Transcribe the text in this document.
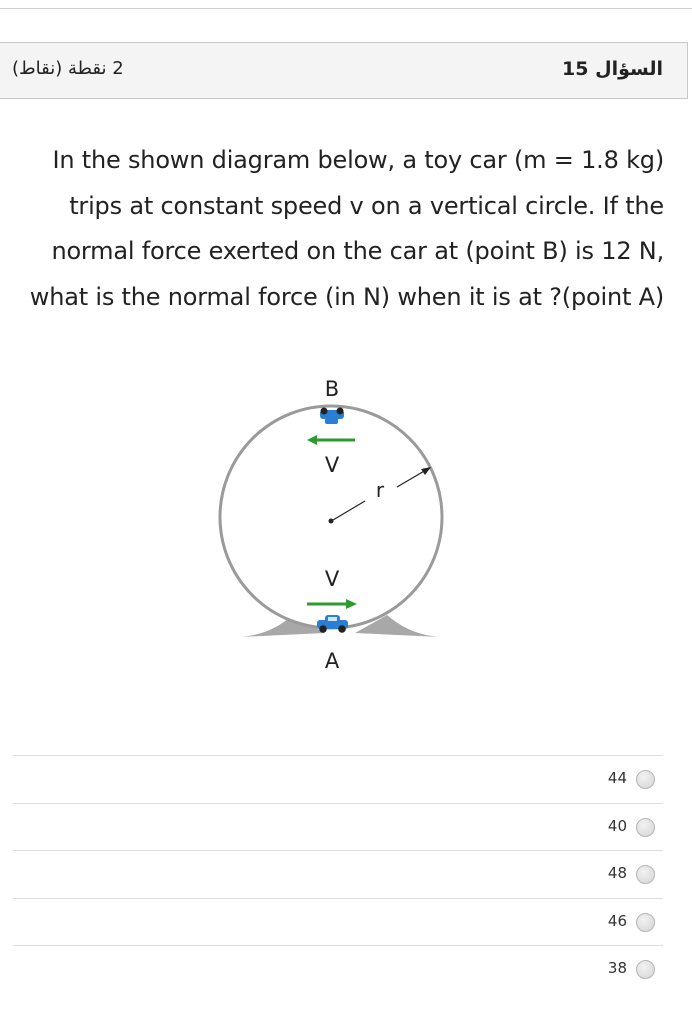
2 نقطة (نقاط)	السؤال 15
In the shown diagram below, a toy car (m = 1.8 kg) trips at constant speed v on a vertical circle. If the normal force exerted on the car at (point B) is 12 N, what is the normal force (in N) when it is at ?(point A)
V
B
r
V
A
44
40
48
46
38
